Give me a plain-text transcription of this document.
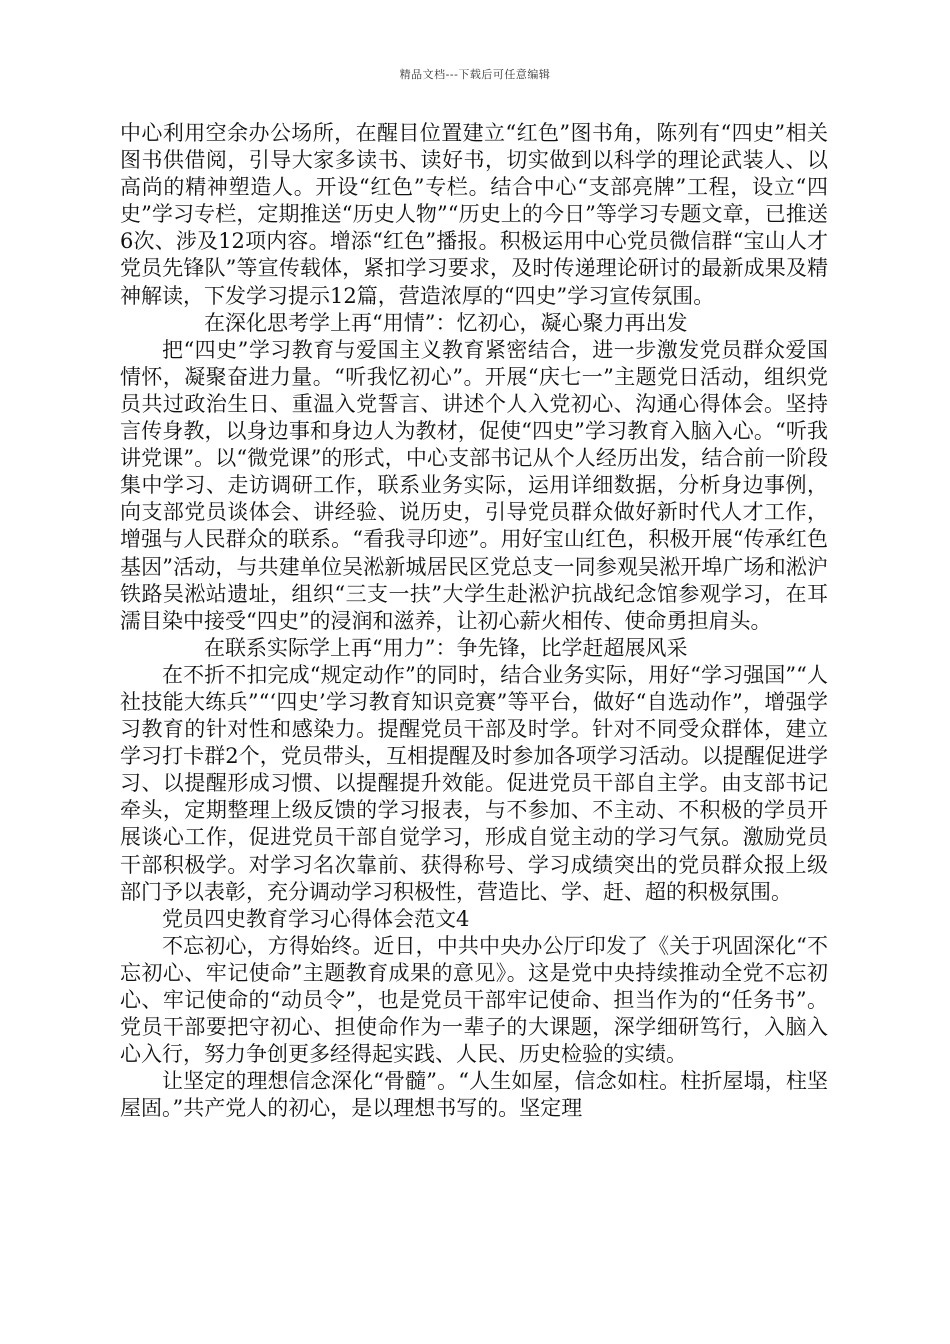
精品文档---下载后可任意编辑

中心利用空余办公场所，在醒目位置建立“红色”图书角，陈列有“四史”相关图书供借阅，引导大家多读书、读好书，切实做到以科学的理论武装人、以高尚的精神塑造人。开设“红色”专栏。结合中心“支部亮牌”工程，设立“四史”学习专栏，定期推送“历史人物”“历史上的今日”等学习专题文章，已推送6次、涉及12项内容。增添“红色”播报。积极运用中心党员微信群“宝山人才党员先锋队”等宣传载体，紧扣学习要求，及时传递理论研讨的最新成果及精神解读，下发学习提示12篇，营造浓厚的“四史”学习宣传氛围。

在深化思考学上再“用情”：忆初心，凝心聚力再出发

把“四史”学习教育与爱国主义教育紧密结合，进一步激发党员群众爱国情怀，凝聚奋进力量。“听我忆初心”。开展“庆七一”主题党日活动，组织党员共过政治生日、重温入党誓言、讲述个人入党初心、沟通心得体会。坚持言传身教，以身边事和身边人为教材，促使“四史”学习教育入脑入心。“听我讲党课”。以“微党课”的形式，中心支部书记从个人经历出发，结合前一阶段集中学习、走访调研工作，联系业务实际，运用详细数据，分析身边事例，向支部党员谈体会、讲经验、说历史，引导党员群众做好新时代人才工作，增强与人民群众的联系。“看我寻印迹”。用好宝山红色，积极开展“传承红色基因”活动，与共建单位吴淞新城居民区党总支一同参观吴淞开埠广场和淞沪铁路吴淞站遗址，组织“三支一扶”大学生赴淞沪抗战纪念馆参观学习，在耳濡目染中接受“四史”的浸润和滋养，让初心薪火相传、使命勇担肩头。

在联系实际学上再“用力”：争先锋，比学赶超展风采

在不折不扣完成“规定动作”的同时，结合业务实际，用好“学习强国”“人社技能大练兵”“‘四史’学习教育知识竞赛”等平台，做好“自选动作”，增强学习教育的针对性和感染力。提醒党员干部及时学。针对不同受众群体，建立学习打卡群2个，党员带头，互相提醒及时参加各项学习活动。以提醒促进学习、以提醒形成习惯、以提醒提升效能。促进党员干部自主学。由支部书记牵头，定期整理上级反馈的学习报表，与不参加、不主动、不积极的学员开展谈心工作，促进党员干部自觉学习，形成自觉主动的学习气氛。激励党员干部积极学。对学习名次靠前、获得称号、学习成绩突出的党员群众报上级部门予以表彰，充分调动学习积极性，营造比、学、赶、超的积极氛围。

党员四史教育学习心得体会范文4

不忘初心，方得始终。近日，中共中央办公厅印发了《关于巩固深化“不忘初心、牢记使命”主题教育成果的意见》。这是党中央持续推动全党不忘初心、牢记使命的“动员令”，也是党员干部牢记使命、担当作为的“任务书”。党员干部要把守初心、担使命作为一辈子的大课题，深学细研笃行，入脑入心入行，努力争创更多经得起实践、人民、历史检验的实绩。

让坚定的理想信念深化“骨髓”。“人生如屋，信念如柱。柱折屋塌，柱坚屋固。”共产党人的初心，是以理想书写的。坚定理
